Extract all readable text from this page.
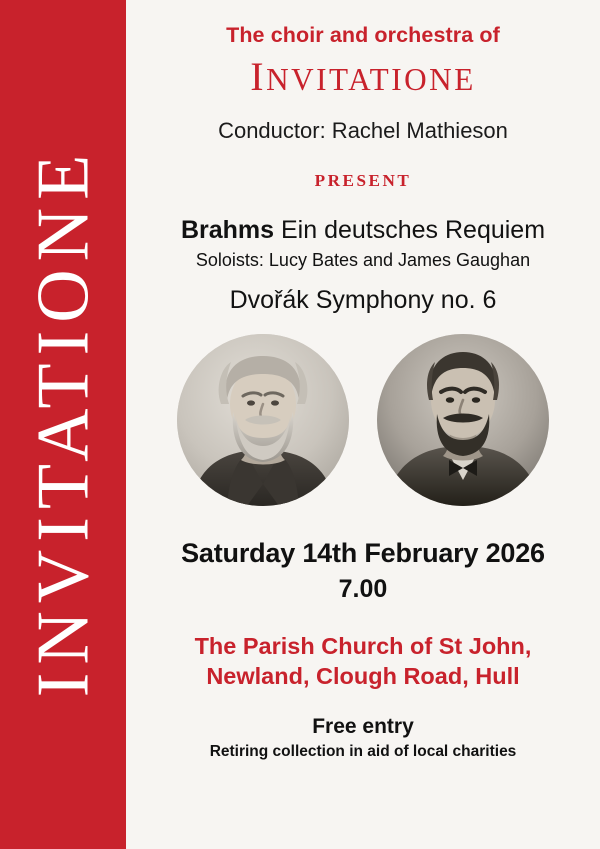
INVITATIONE
The choir and orchestra of
INVITATIONE
Conductor: Rachel Mathieson
PRESENT
Brahms Ein deutsches Requiem
Soloists: Lucy Bates and James Gaughan
Dvořák Symphony no. 6
Saturday 14th February 2026
7.00
The Parish Church of St John,
Newland, Clough Road, Hull
Free entry
Retiring collection in aid of local charities
